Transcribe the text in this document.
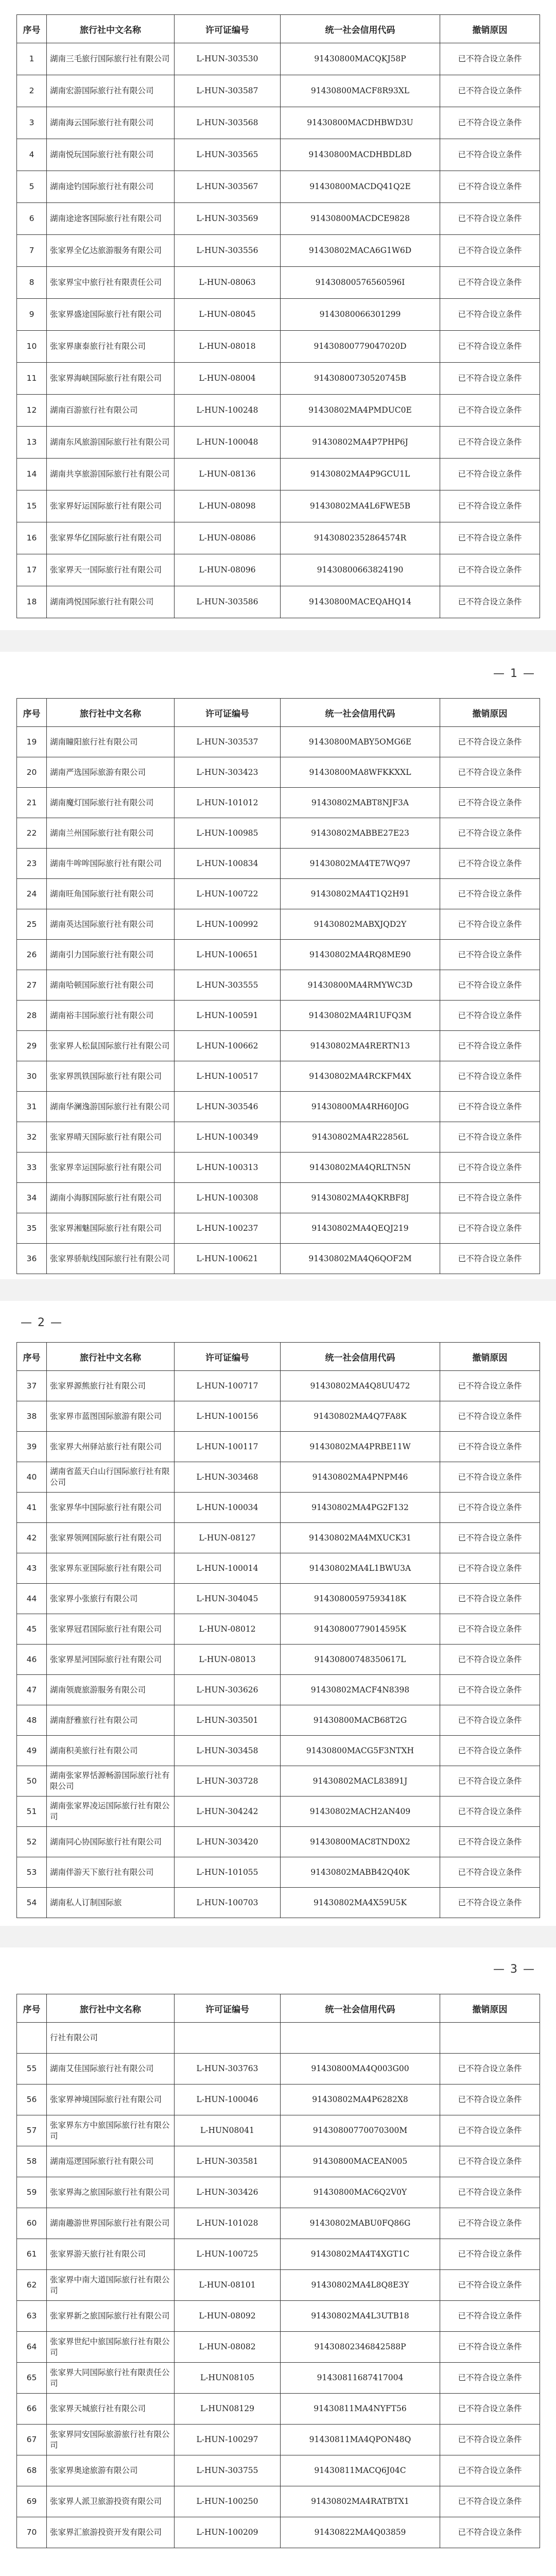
序号	旅行社中文名称	许可证编号	统一社会信用代码	撤销原因
1	湖南三毛旅行国际旅行社有限公司	L-HUN-303530	91430800MACQKJ58P	已不符合设立条件
2	湖南宏游国际旅行社有限公司	L-HUN-303587	91430800MACF8R93XL	已不符合设立条件
3	湖南海云国际旅行社有限公司	L-HUN-303568	91430800MACDHBWD3U	已不符合设立条件
4	湖南悦玩国际旅行社有限公司	L-HUN-303565	91430800MACDHBDL8D	已不符合设立条件
5	湖南途钓国际旅行社有限公司	L-HUN-303567	91430800MACDQ41Q2E	已不符合设立条件
6	湖南途途客国际旅行社有限公司	L-HUN-303569	91430800MACDCE9828	已不符合设立条件
7	张家界全亿达旅游服务有限公司	L-HUN-303556	91430802MACA6G1W6D	已不符合设立条件
8	张家界宝中旅行社有限责任公司	L-HUN-08063	91430800576560596I	已不符合设立条件
9	张家界盛途国际旅行社有限公司	L-HUN-08045	9143080066301299	已不符合设立条件
10	张家界康泰旅行社有限公司	L-HUN-08018	91430800779047020D	已不符合设立条件
11	张家界海峡国际旅行社有限公司	L-HUN-08004	91430800730520745B	已不符合设立条件
12	湖南百游旅行社有限公司	L-HUN-100248	91430802MA4PMDUC0E	已不符合设立条件
13	湖南东风旅游国际旅行社有限公司	L-HUN-100048	91430802MA4P7PHP6J	已不符合设立条件
14	湖南共享旅游国际旅行社有限公司	L-HUN-08136	91430802MA4P9GCU1L	已不符合设立条件
15	张家界好运国际旅行社有限公司	L-HUN-08098	91430802MA4L6FWE5B	已不符合设立条件
16	张家界华亿国际旅行社有限公司	L-HUN-08086	91430802352864574R	已不符合设立条件
17	张家界天一国际旅行社有限公司	L-HUN-08096	91430800663824190	已不符合设立条件
18	湖南鸿悦国际旅行社有限公司	L-HUN-303586	91430800MACEQAHQ14	已不符合设立条件
— 1 —
序号	旅行社中文名称	许可证编号	统一社会信用代码	撤销原因
19	湖南瞳阳旅行社有限公司	L-HUN-303537	91430800MABY5OMG6E	已不符合设立条件
20	湖南严选国际旅游有限公司	L-HUN-303423	91430800MA8WFKKXXL	已不符合设立条件
21	湖南魔灯国际旅行社有限公司	L-HUN-101012	91430802MABT8NJF3A	已不符合设立条件
22	湖南兰州国际旅行社有限公司	L-HUN-100985	91430802MABBE27E23	已不符合设立条件
23	湖南牛哞哞国际旅行社有限公司	L-HUN-100834	91430802MA4TE7WQ97	已不符合设立条件
24	湖南旺角国际旅行社有限公司	L-HUN-100722	91430802MA4T1Q2H91	已不符合设立条件
25	湖南英达国际旅行社有限公司	L-HUN-100992	91430802MABXJQD2Y	已不符合设立条件
26	湖南引力国际旅行社有限公司	L-HUN-100651	91430802MA4RQ8ME90	已不符合设立条件
27	湖南哈顿国际旅行社有限公司	L-HUN-303555	91430800MA4RMYWC3D	已不符合设立条件
28	湖南裕丰国际旅行社有限公司	L-HUN-100591	91430802MA4R1UFQ3M	已不符合设立条件
29	张家界人松鼠国际旅行社有限公司	L-HUN-100662	91430802MA4RERTN13	已不符合设立条件
30	张家界凯铁国际旅行社有限公司	L-HUN-100517	91430802MA4RCKFM4X	已不符合设立条件
31	湖南华澜逸游国际旅行社有限公司	L-HUN-303546	91430800MA4RH60J0G	已不符合设立条件
32	张家界晴天国际旅行社有限公司	L-HUN-100349	91430802MA4R22856L	已不符合设立条件
33	张家界幸运国际旅行社有限公司	L-HUN-100313	91430802MA4QRLTN5N	已不符合设立条件
34	湖南小海豚国际旅行社有限公司	L-HUN-100308	91430802MA4QKRBF8J	已不符合设立条件
35	张家界湘魅国际旅行社有限公司	L-HUN-100237	91430802MA4QEQJ219	已不符合设立条件
36	张家界骄航线国际旅行社有限公司	L-HUN-100621	91430802MA4Q6QOF2M	已不符合设立条件
— 2 —
序号	旅行社中文名称	许可证编号	统一社会信用代码	撤销原因
37	张家界源熊旅行社有限公司	L-HUN-100717	91430802MA4Q8UU472	已不符合设立条件
38	张家界市蓝图国际旅游有限公司	L-HUN-100156	91430802MA4Q7FA8K	已不符合设立条件
39	张家界大州驿站旅行社有限公司	L-HUN-100117	91430802MA4PRBE11W	已不符合设立条件
40	湖南省蓝天白山行国际旅行社有限公司	L-HUN-303468	91430802MA4PNPM46	已不符合设立条件
41	张家界华中国际旅行社有限公司	L-HUN-100034	91430802MA4PG2F132	已不符合设立条件
42	张家界领网国际旅行社有限公司	L-HUN-08127	91430802MA4MXUCK31	已不符合设立条件
43	张家界东亚国际旅行社有限公司	L-HUN-100014	91430802MA4L1BWU3A	已不符合设立条件
44	张家界小张旅行有限公司	L-HUN-304045	91430800597593418K	已不符合设立条件
45	张家界冠君国际旅行社有限公司	L-HUN-08012	91430800779014595K	已不符合设立条件
46	张家界星河国际旅行社有限公司	L-HUN-08013	91430800748350617L	已不符合设立条件
47	湖南领鹿旅游服务有限公司	L-HUN-303626	91430802MACF4N8398	已不符合设立条件
48	湖南舒雅旅行社有限公司	L-HUN-303501	91430800MACB68T2G	已不符合设立条件
49	湖南积美旅行社有限公司	L-HUN-303458	91430800MACG5F3NTXH	已不符合设立条件
50	湖南张家界恬源畅游国际旅行社有限公司	L-HUN-303728	91430802MACL83891J	已不符合设立条件
51	湖南张家界凌运国际旅行社有限公司	L-HUN-304242	91430802MACH2AN409	已不符合设立条件
52	湖南同心协国际旅行社有限公司	L-HUN-303420	91430800MAC8TND0X2	已不符合设立条件
53	湖南伴游天下旅行社有限公司	L-HUN-101055	91430802MABB42Q40K	已不符合设立条件
54	湖南私人订制国际旅	L-HUN-100703	91430802MA4X59U5K	已不符合设立条件
— 3 —
序号	旅行社中文名称	许可证编号	统一社会信用代码	撤销原因
	行社有限公司			
55	湖南艾佳国际旅行社有限公司	L-HUN-303763	91430800MA4Q003G00	已不符合设立条件
56	张家界神境国际旅行社有限公司	L-HUN-100046	91430802MA4P6282X8	已不符合设立条件
57	张家界东方中旅国际旅行社有限公司	L-HUN08041	91430800770070300M	已不符合设立条件
58	湖南巡逻国际旅行社有限公司	L-HUN-303581	91430800MACEAN005	已不符合设立条件
59	张家界海之旅国际旅行社有限公司	L-HUN-303426	91430800MAC6Q2V0Y	已不符合设立条件
60	湖南趣游世界国际旅行社有限公司	L-HUN-101028	91430802MABU0FQ86G	已不符合设立条件
61	张家界游天旅行社有限公司	L-HUN-100725	91430802MA4T4XGT1C	已不符合设立条件
62	张家界中南大道国际旅行社有限公司	L-HUN-08101	91430802MA4L8Q8E3Y	已不符合设立条件
63	张家界新之旅国际旅行社有限公司	L-HUN-08092	91430802MA4L3UTB18	已不符合设立条件
64	张家界世纪中旅国际旅行社有限公司	L-HUN-08082	91430802346842588P	已不符合设立条件
65	张家界大同国际旅行社有限责任公司	L-HUN08105	91430811687417004	已不符合设立条件
66	张家界天城旅行社有限公司	L-HUN08129	91430811MA4NYFT56	已不符合设立条件
67	张家界同安国际旅游旅行社有限公司	L-HUN-100297	91430811MA4QPON48Q	已不符合设立条件
68	张家界奥途旅游有限公司	L-HUN-303755	91430811MACQ6J04C	已不符合设立条件
69	张家界人派卫旅游投资有限公司	L-HUN-100250	91430802MA4RATBTX1	已不符合设立条件
70	张家界汇旅游投资开发有限公司	L-HUN-100209	91430822MA4Q03859	已不符合设立条件
